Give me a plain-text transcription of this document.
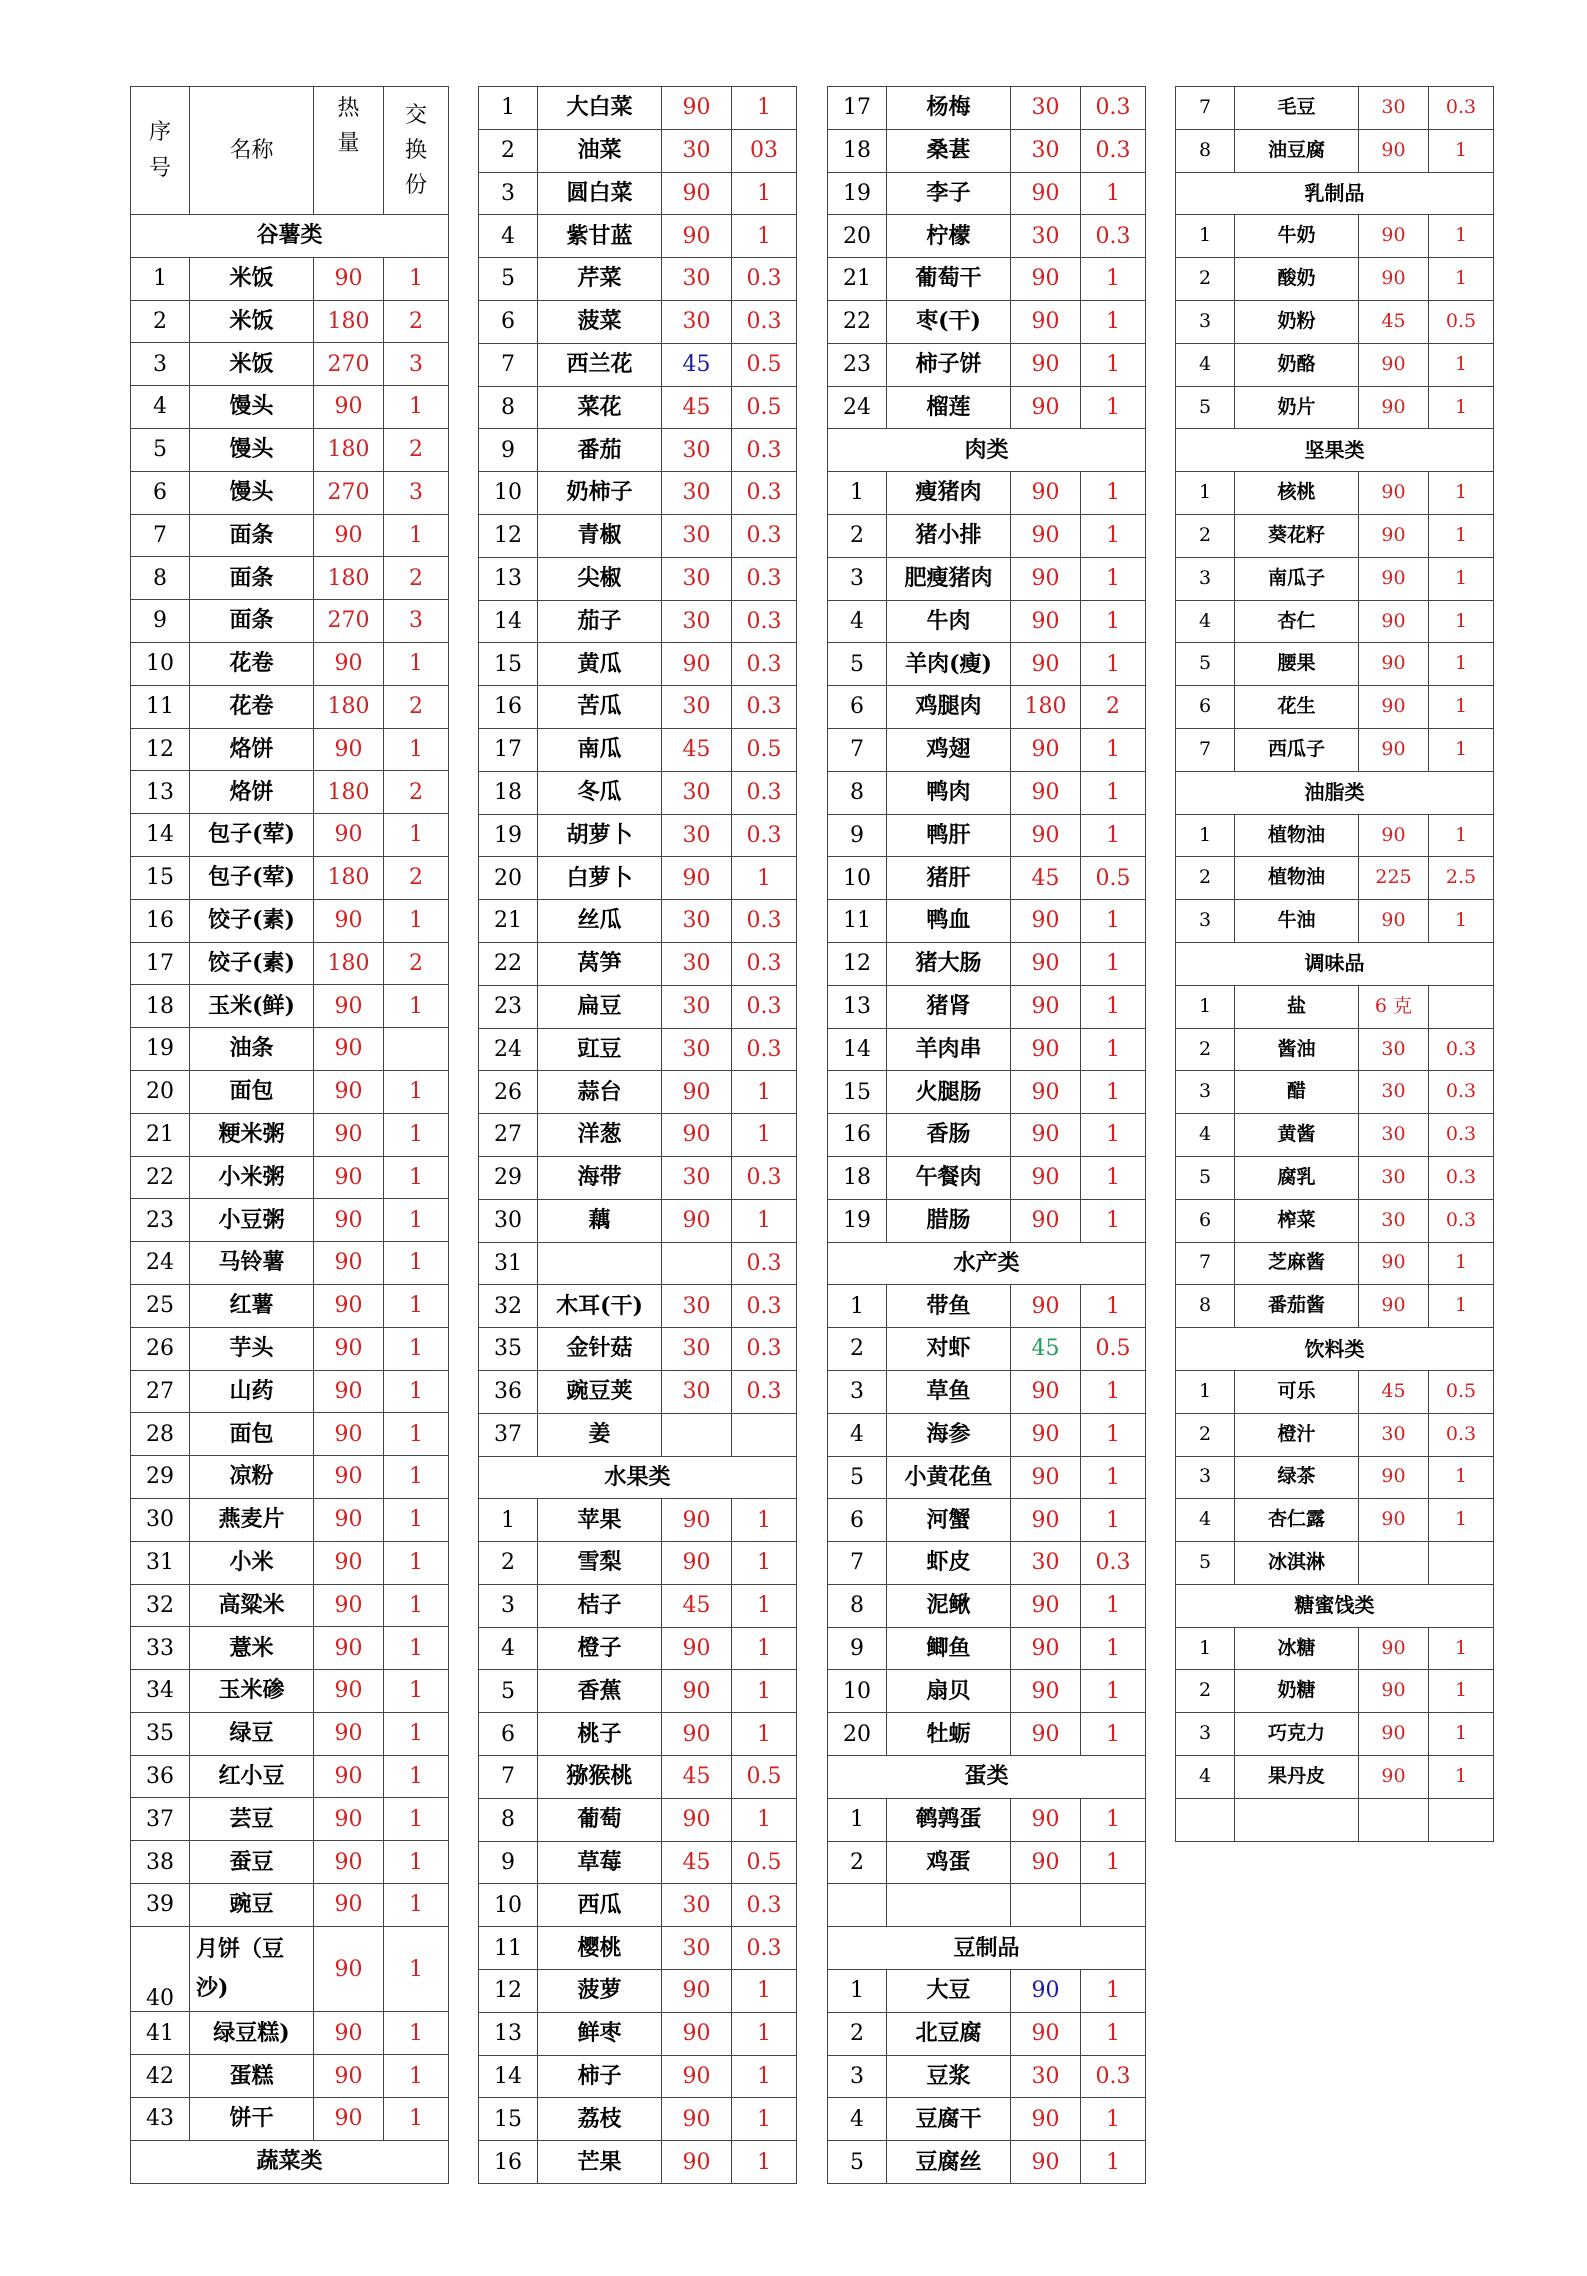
序号	名称	热量	交换份
谷薯类			
1	米饭	90	1
2	米饭	180	2
3	米饭	270	3
4	馒头	90	1
5	馒头	180	2
6	馒头	270	3
7	面条	90	1
8	面条	180	2
9	面条	270	3
10	花卷	90	1
11	花卷	180	2
12	烙饼	90	1
13	烙饼	180	2
14	包子(荤)	90	1
15	包子(荤)	180	2
16	饺子(素)	90	1
17	饺子(素)	180	2
18	玉米(鲜)	90	1
19	油条	90	
20	面包	90	1
21	粳米粥	90	1
22	小米粥	90	1
23	小豆粥	90	1
24	马铃薯	90	1
25	红薯	90	1
26	芋头	90	1
27	山药	90	1
28	面包	90	1
29	凉粉	90	1
30	燕麦片	90	1
31	小米	90	1
32	高粱米	90	1
33	薏米	90	1
34	玉米碜	90	1
35	绿豆	90	1
36	红小豆	90	1
37	芸豆	90	1
38	蚕豆	90	1
39	豌豆	90	1
40	月饼（豆沙)	90	1
41	绿豆糕)	90	1
42	蛋糕	90	1
43	饼干	90	1
蔬菜类			
1	大白菜	90	1
2	油菜	30	03
3	圆白菜	90	1
4	紫甘蓝	90	1
5	芹菜	30	0.3
6	菠菜	30	0.3
7	西兰花	45	0.5
8	菜花	45	0.5
9	番茄	30	0.3
10	奶柿子	30	0.3
12	青椒	30	0.3
13	尖椒	30	0.3
14	茄子	30	0.3
15	黄瓜	90	0.3
16	苦瓜	30	0.3
17	南瓜	45	0.5
18	冬瓜	30	0.3
19	胡萝卜	30	0.3
20	白萝卜	90	1
21	丝瓜	30	0.3
22	莴笋	30	0.3
23	扁豆	30	0.3
24	豇豆	30	0.3
26	蒜台	90	1
27	洋葱	90	1
29	海带	30	0.3
30	藕	90	1
31			0.3
32	木耳(干)	30	0.3
35	金针菇	30	0.3
36	豌豆荚	30	0.3
37	姜		
水果类			
1	苹果	90	1
2	雪梨	90	1
3	桔子	45	1
4	橙子	90	1
5	香蕉	90	1
6	桃子	90	1
7	猕猴桃	45	0.5
8	葡萄	90	1
9	草莓	45	0.5
10	西瓜	30	0.3
11	樱桃	30	0.3
12	菠萝	90	1
13	鲜枣	90	1
14	柿子	90	1
15	荔枝	90	1
16	芒果	90	1
17	杨梅	30	0.3
18	桑葚	30	0.3
19	李子	90	1
20	柠檬	30	0.3
21	葡萄干	90	1
22	枣(干)	90	1
23	柿子饼	90	1
24	榴莲	90	1
肉类			
1	瘦猪肉	90	1
2	猪小排	90	1
3	肥瘦猪肉	90	1
4	牛肉	90	1
5	羊肉(瘦)	90	1
6	鸡腿肉	180	2
7	鸡翅	90	1
8	鸭肉	90	1
9	鸭肝	90	1
10	猪肝	45	0.5
11	鸭血	90	1
12	猪大肠	90	1
13	猪肾	90	1
14	羊肉串	90	1
15	火腿肠	90	1
16	香肠	90	1
18	午餐肉	90	1
19	腊肠	90	1
水产类			
1	带鱼	90	1
2	对虾	45	0.5
3	草鱼	90	1
4	海参	90	1
5	小黄花鱼	90	1
6	河蟹	90	1
7	虾皮	30	0.3
8	泥鳅	90	1
9	鲫鱼	90	1
10	扇贝	90	1
20	牡蛎	90	1
蛋类			
1	鹌鹑蛋	90	1
2	鸡蛋	90	1

豆制品			
1	大豆	90	1
2	北豆腐	90	1
3	豆浆	30	0.3
4	豆腐干	90	1
5	豆腐丝	90	1
7	毛豆	30	0.3
8	油豆腐	90	1
乳制品			
1	牛奶	90	1
2	酸奶	90	1
3	奶粉	45	0.5
4	奶酪	90	1
5	奶片	90	1
坚果类			
1	核桃	90	1
2	葵花籽	90	1
3	南瓜子	90	1
4	杏仁	90	1
5	腰果	90	1
6	花生	90	1
7	西瓜子	90	1
油脂类			
1	植物油	90	1
2	植物油	225	2.5
3	牛油	90	1
调味品			
1	盐	6 克	
2	酱油	30	0.3
3	醋	30	0.3
4	黄酱	30	0.3
5	腐乳	30	0.3
6	榨菜	30	0.3
7	芝麻酱	90	1
8	番茄酱	90	1
饮料类			
1	可乐	45	0.5
2	橙汁	30	0.3
3	绿茶	90	1
4	杏仁露	90	1
5	冰淇淋		
糖蜜饯类			
1	冰糖	90	1
2	奶糖	90	1
3	巧克力	90	1
4	果丹皮	90	1
